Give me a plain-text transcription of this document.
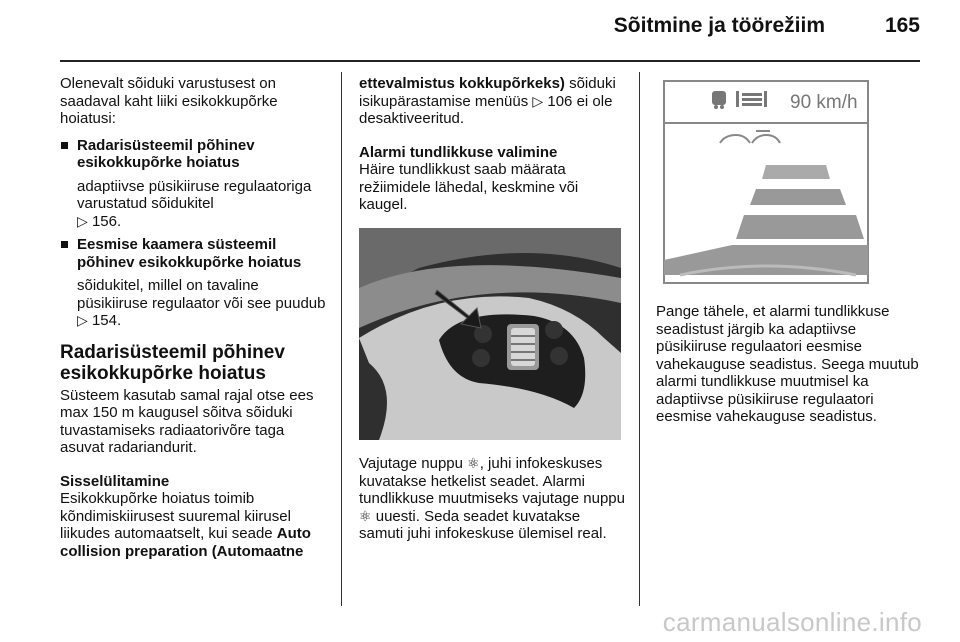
Sõitmine ja töörežiim	165

Olenevalt sõiduki varustusest on saadaval kaht liiki esikokkupõrke hoiatusi:

Radarisüsteemil põhinev esikokkupõrke hoiatus
adaptiivse püsikiiruse regulaatoriga varustatud sõidukitel
▷ 156.
Eesmise kaamera süsteemil põhinev esikokkupõrke hoiatus
sõidukitel, millel on tavaline püsikiiruse regulaator või see puudub ▷ 154.
Radarisüsteemil põhinev esikokkupõrke hoiatus

Süsteem kasutab samal rajal otse ees max 150 m kaugusel sõitva sõiduki tuvastamiseks radiaatorivõre taga asuvat radariandurit.

Sisselülitamine

Esikokkupõrke hoiatus toimib kõndimiskiirusest suuremal kiirusel liikudes automaatselt, kui seade Auto collision preparation (Automaatne

ettevalmistus kokkupõrkeks) sõiduki isikupärastamise menüüs ▷ 106 ei ole desaktiveeritud.

Alarmi tundlikkuse valimine

Häire tundlikkust saab määrata režiimidele lähedal, keskmine või kaugel.

Vajutage nuppu ⚛, juhi infokeskuses kuvatakse hetkelist seadet. Alarmi tundlikkuse muutmiseks vajutage nuppu ⚛ uuesti. Seda seadet kuvatakse samuti juhi infokeskuse ülemisel real.

90 km/h

Pange tähele, et alarmi tundlikkuse seadistust järgib ka adaptiivse püsikiiruse regulaatori eesmise vahekauguse seadistus. Seega muutub alarmi tundlikkuse muutmisel ka adaptiivse püsikiiruse regulaatori eesmise vahekauguse seadistus.

carmanualsonline.info
